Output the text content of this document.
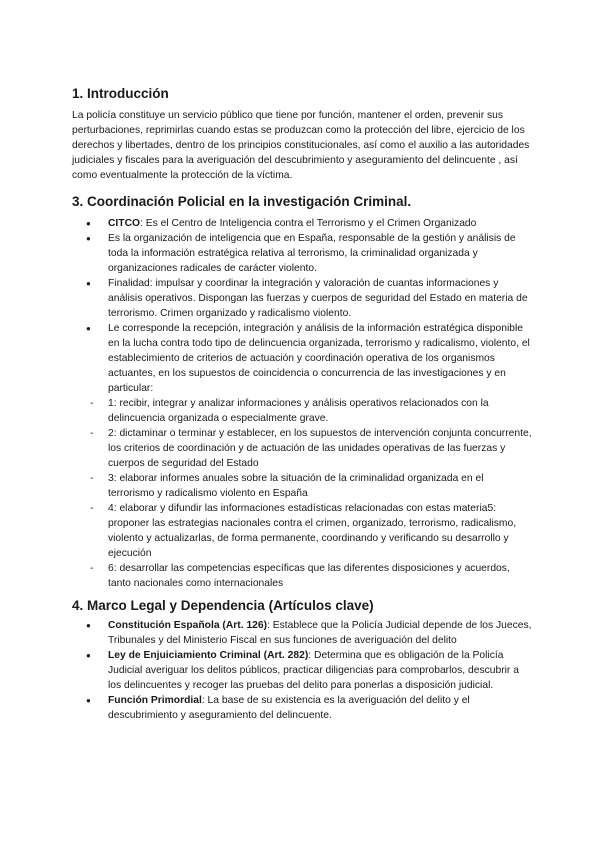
1. Introducción

La policía constituye un servicio público que tiene por función, mantener el orden, prevenir sus perturbaciones, reprimirlas cuando estas se produzcan como la protección del libre, ejercicio de los derechos y libertades, dentro de los principios constitucionales, así como el auxilio a las autoridades judiciales y fiscales para la averiguación del descubrimiento y aseguramiento del delincuente , así como eventualmente la protección de la víctima.

3. Coordinación Policial en la investigación Criminal.
●	CITCO: Es el Centro de Inteligencia contra el Terrorismo y el Crimen Organizado
●	Es la organización de inteligencia que en España, responsable de la gestión y análisis de toda la información estratégica relativa al terrorismo, la criminalidad organizada y organizaciones radicales de carácter violento.
●	Finalidad: impulsar y coordinar la integración y valoración de cuantas informaciones y análisis operativos. Dispongan las fuerzas y cuerpos de seguridad del Estado en materia de terrorismo. Crimen organizado y radicalismo violento.
●	Le corresponde la recepción, integración y análisis de la información estratégica disponible en la lucha contra todo tipo de delincuencia organizada, terrorismo y radicalismo, violento, el establecimiento de criterios de actuación y coordinación operativa de los organismos actuantes, en los supuestos de coincidencia o concurrencia de las investigaciones y en particular:
-	1: recibir, integrar y analizar informaciones y análisis operativos relacionados con la delincuencia organizada o especialmente grave.
-	2: dictaminar o terminar y establecer, en los supuestos de intervención conjunta concurrente, los criterios de coordinación y de actuación de las unidades operativas de las fuerzas y cuerpos de seguridad del Estado
-	3: elaborar informes anuales sobre la situación de la criminalidad organizada en el terrorismo y radicalismo violento en España
-	4: elaborar y difundir las informaciones estadísticas relacionadas con estas materia5: proponer las estrategias nacionales contra el crimen, organizado, terrorismo, radicalismo, violento y actualizarlas, de forma permanente, coordinando y verificando su desarrollo y ejecución
-	6: desarrollar las competencias específicas que las diferentes disposiciones y acuerdos, tanto nacionales como internacionales
4. Marco Legal y Dependencia (Artículos clave)
●	Constitución Española (Art. 126): Establece que la Policía Judicial depende de los Jueces, Tribunales y del Ministerio Fiscal en sus funciones de averiguación del delito
●	Ley de Enjuiciamiento Criminal (Art. 282): Determina que es obligación de la Policía Judicial averiguar los delitos públicos, practicar diligencias para comprobarlos, descubrir a los delincuentes y recoger las pruebas del delito para ponerlas a disposición judicial.
●	Función Primordial: La base de su existencia es la averiguación del delito y el descubrimiento y aseguramiento del delincuente.
